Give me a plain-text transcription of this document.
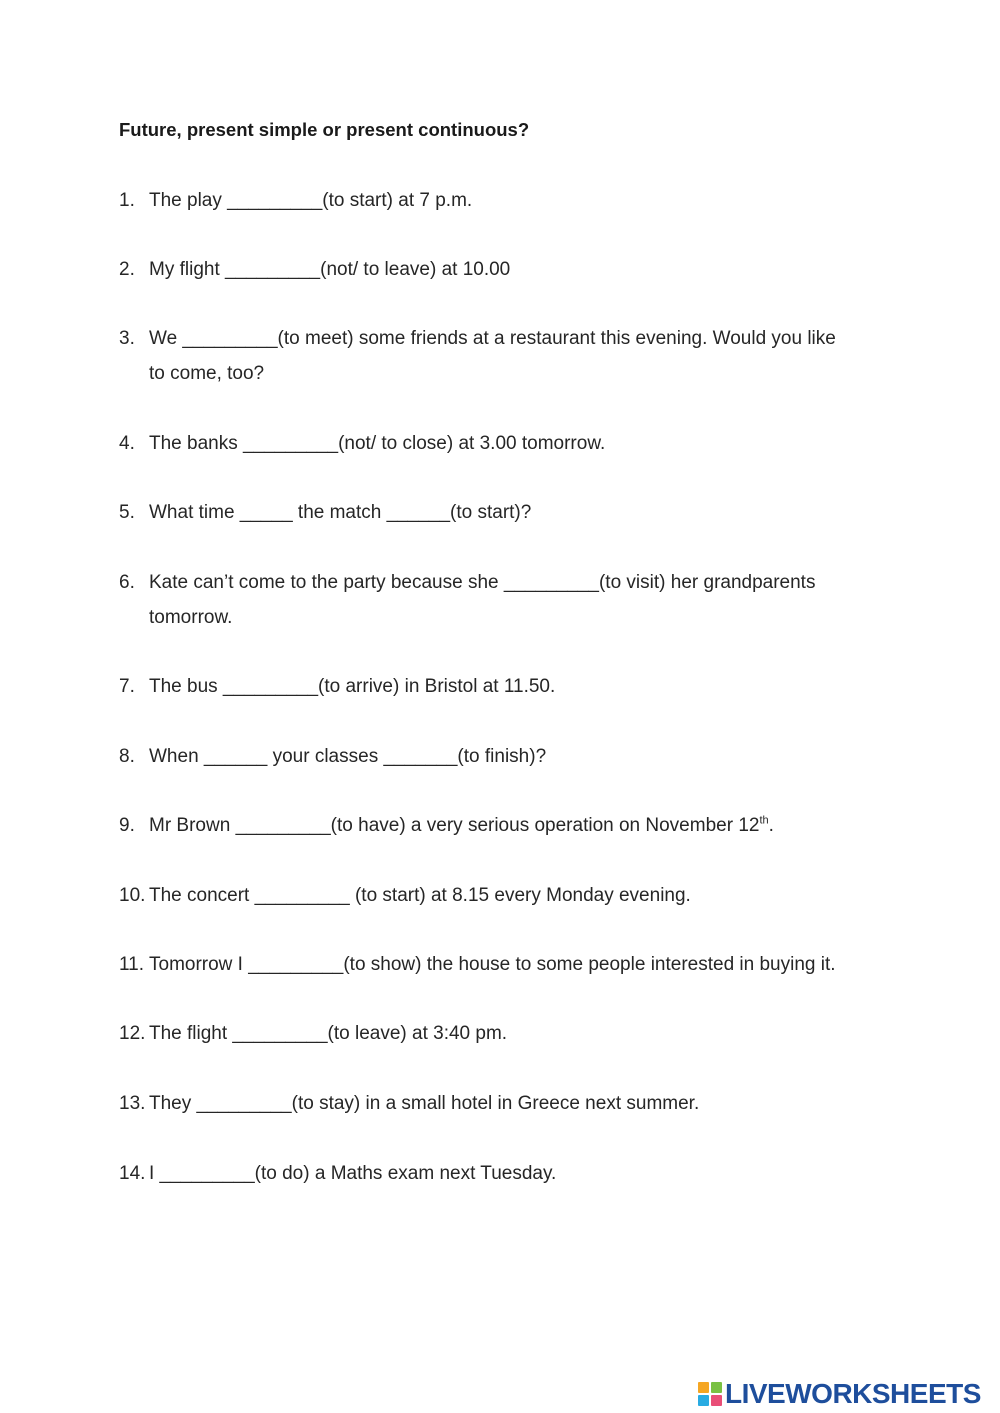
Future, present simple or present continuous?
1. The play _________(to start) at 7 p.m.
2. My flight _________(not/ to leave) at 10.00
3. We _________(to meet) some friends at a restaurant this evening. Would you like
to come, too?
4. The banks _________(not/ to close) at 3.00 tomorrow.
5. What time _____ the match ______(to start)?
6. Kate can’t come to the party because she _________(to visit) her grandparents
tomorrow.
7. The bus _________(to arrive) in Bristol at 11.50.
8. When ______ your classes _______(to finish)?
9. Mr Brown _________(to have) a very serious operation on November 12th.
10. The concert _________ (to start) at 8.15 every Monday evening.
11. Tomorrow I _________(to show) the house to some people interested in buying it.
12. The flight _________(to leave) at 3:40 pm.
13. They _________(to stay) in a small hotel in Greece next summer.
14. I _________(to do) a Maths exam next Tuesday.
LIVEWORKSHEETS
